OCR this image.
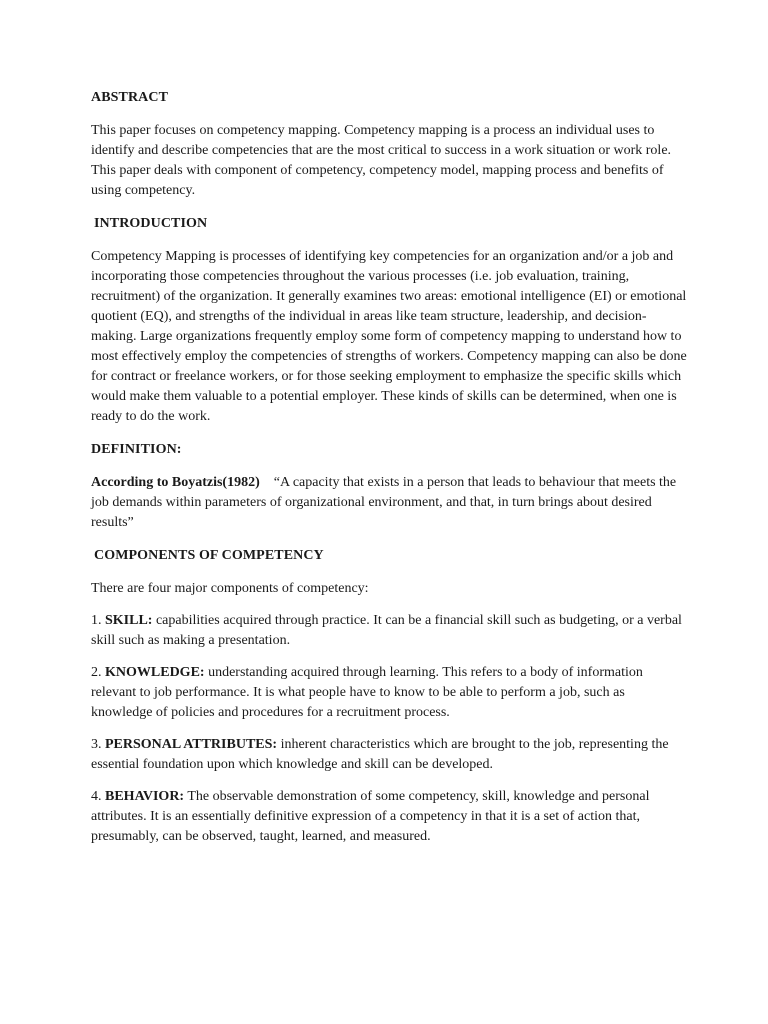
ABSTRACT

This paper focuses on competency mapping. Competency mapping is a process an individual uses to identify and describe competencies that are the most critical to success in a work situation or work role. This paper deals with component of competency, competency model, mapping process and benefits of using competency.

INTRODUCTION

Competency Mapping is processes of identifying key competencies for an organization and/or a job and incorporating those competencies throughout the various processes (i.e. job evaluation, training, recruitment) of the organization. It generally examines two areas: emotional intelligence (EI) or emotional quotient (EQ), and strengths of the individual in areas like team structure, leadership, and decision-making. Large organizations frequently employ some form of competency mapping to understand how to most effectively employ the competencies of strengths of workers. Competency mapping can also be done for contract or freelance workers, or for those seeking employment to emphasize the specific skills which would make them valuable to a potential employer. These kinds of skills can be determined, when one is ready to do the work.

DEFINITION:

According to Boyatzis(1982) “A capacity that exists in a person that leads to behaviour that meets the job demands within parameters of organizational environment, and that, in turn brings about desired results”

COMPONENTS OF COMPETENCY

There are four major components of competency:

1. SKILL: capabilities acquired through practice. It can be a financial skill such as budgeting, or a verbal skill such as making a presentation.

2. KNOWLEDGE: understanding acquired through learning. This refers to a body of information relevant to job performance. It is what people have to know to be able to perform a job, such as knowledge of policies and procedures for a recruitment process.

3. PERSONAL ATTRIBUTES: inherent characteristics which are brought to the job, representing the essential foundation upon which knowledge and skill can be developed.

4. BEHAVIOR: The observable demonstration of some competency, skill, knowledge and personal attributes. It is an essentially definitive expression of a competency in that it is a set of action that, presumably, can be observed, taught, learned, and measured.
